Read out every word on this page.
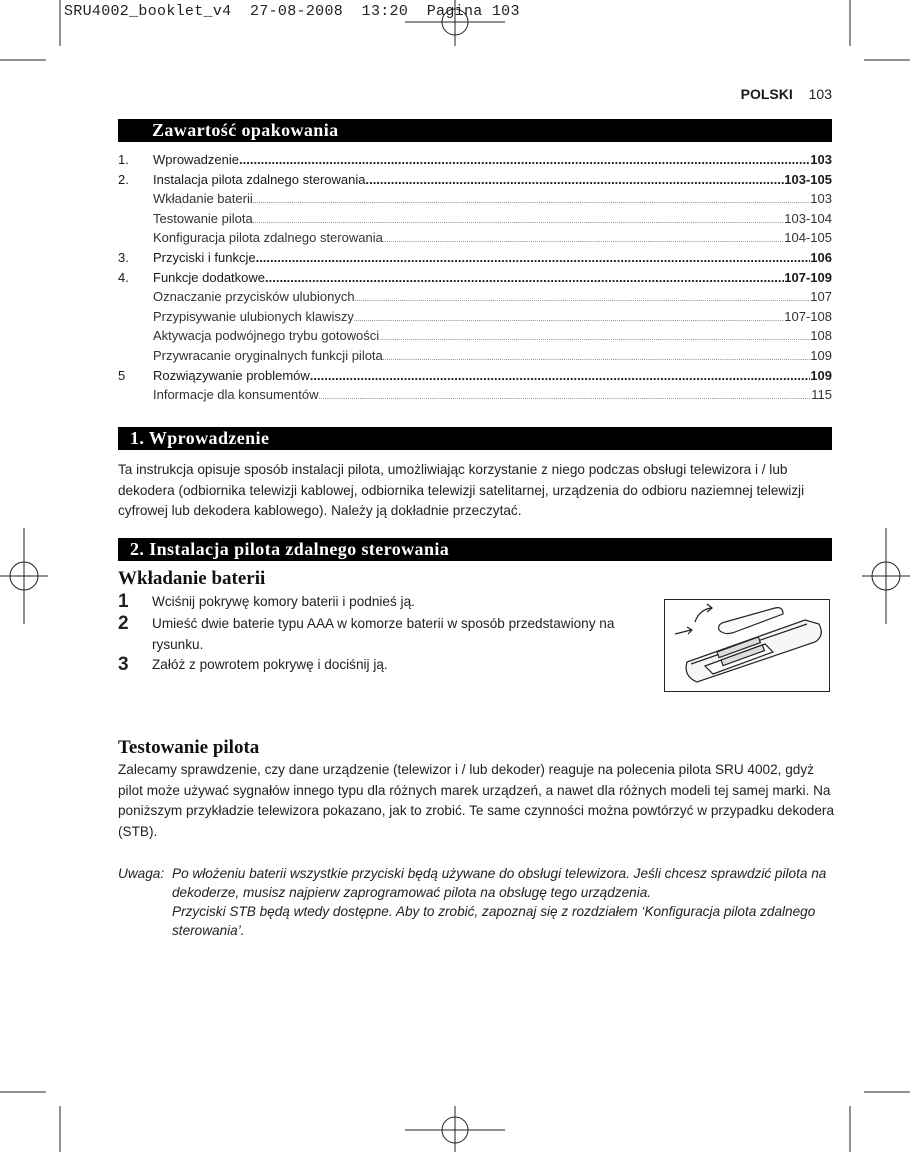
SRU4002_booklet_v4  27-08-2008  13:20  Pagina 103
POLSKI 103
Zawartość opakowania
1.	Wprowadzenie .....	103
2.	Instalacja pilota zdalnego sterowania .....	103-105
Wkładanie baterii .....	103
Testowanie pilota .....	103-104
Konfiguracja pilota zdalnego sterowania .....	104-105
3.	Przyciski i funkcje .....	106
4.	Funkcje dodatkowe .....	107-109
Oznaczanie przycisków ulubionych .....	107
Przypisywanie ulubionych klawiszy .....	107-108
Aktywacja podwójnego trybu gotowości .....	108
Przywracanie oryginalnych funkcji pilota .....	109
5	Rozwiązywanie problemów .....	109
Informacje dla konsumentów .....	115
1. Wprowadzenie
Ta instrukcja opisuje sposób instalacji pilota, umożliwiając korzystanie z niego podczas obsługi telewizora i / lub dekodera (odbiornika telewizji kablowej, odbiornika telewizji satelitarnej, urządzenia do odbioru naziemnej telewizji cyfrowej lub dekodera kablowego). Należy ją dokładnie przeczytać.
2. Instalacja pilota zdalnego sterowania
Wkładanie baterii
1	Wciśnij pokrywę komory baterii i podnieś ją.
2	Umieść dwie baterie typu AAA w komorze baterii w sposób przedstawiony na rysunku.
3	Załóż z powrotem pokrywę i dociśnij ją.
Testowanie pilota
Zalecamy sprawdzenie, czy dane urządzenie (telewizor i / lub dekoder) reaguje na polecenia pilota SRU 4002, gdyż pilot może używać sygnałów innego typu dla różnych marek urządzeń, a nawet dla różnych modeli tej samej marki. Na poniższym przykładzie telewizora pokazano, jak to zrobić. Te same czynności można powtórzyć w przypadku dekodera (STB).
Uwaga: Po włożeniu baterii wszystkie przyciski będą używane do obsługi telewizora. Jeśli chcesz sprawdzić pilota na dekoderze, musisz najpierw zaprogramować pilota na obsługę tego urządzenia.
Przyciski STB będą wtedy dostępne. Aby to zrobić, zapoznaj się z rozdziałem ‘Konfiguracja pilota zdalnego sterowania’.
